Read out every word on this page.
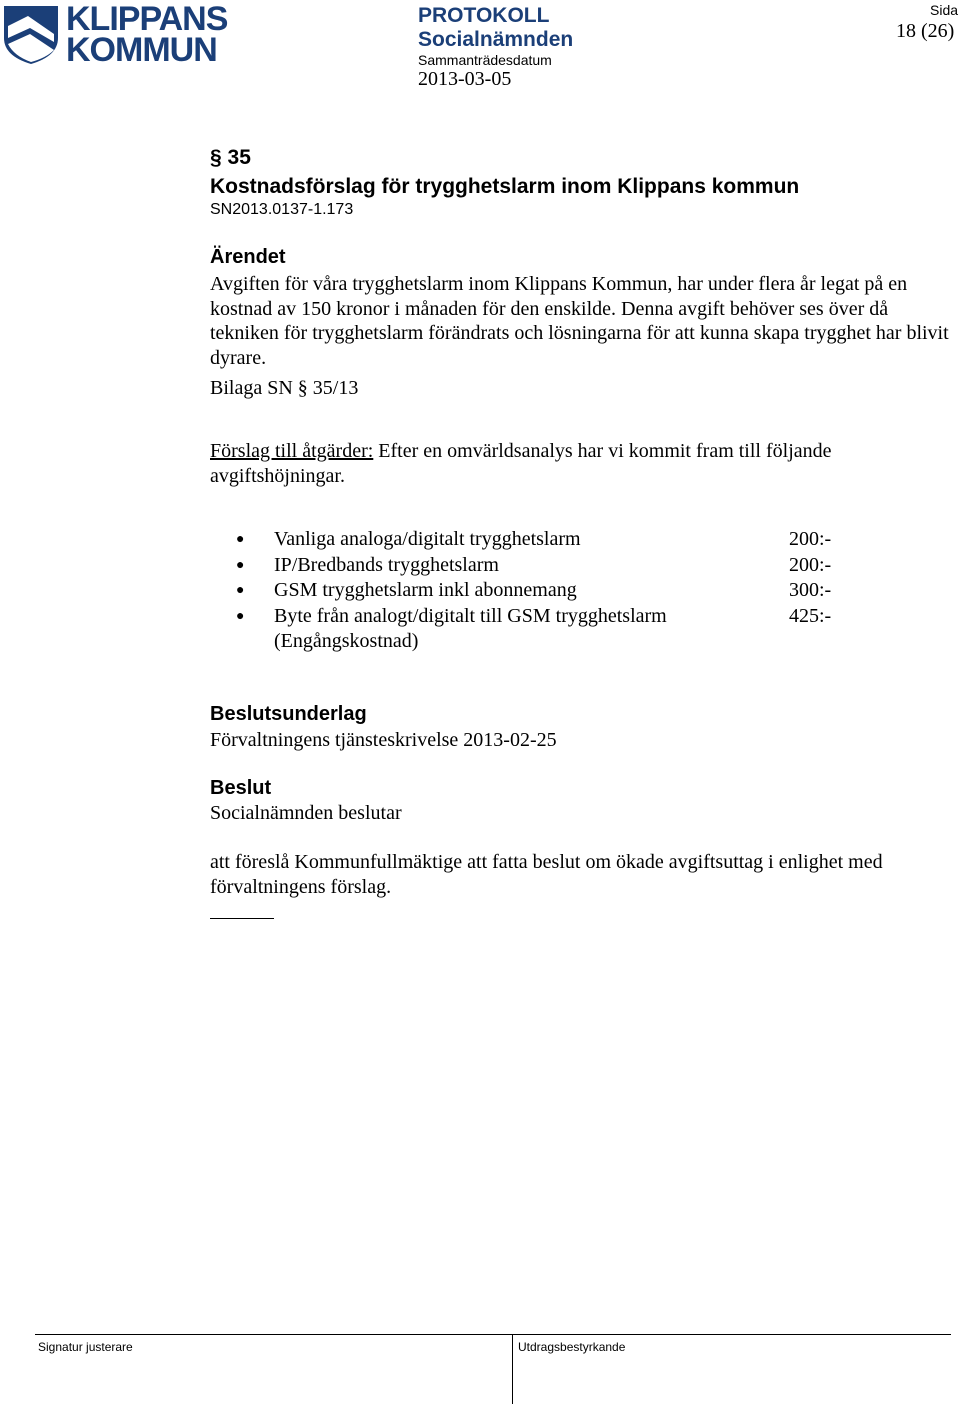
KLIPPANS
KOMMUN
PROTOKOLL
Socialnämnden
Sammanträdesdatum
2013-03-05
Sida
18 (26)
§ 35
Kostnadsförslag för trygghetslarm inom Klippans kommun
SN2013.0137-1.173
Ärendet
Avgiften för våra trygghetslarm inom Klippans Kommun, har under flera år legat på en kostnad av 150 kronor i månaden för den enskilde. Denna avgift behöver ses över då tekniken för trygghetslarm förändrats och lösningarna för att kunna skapa trygghet har blivit dyrare.
Bilaga SN § 35/13
Förslag till åtgärder: Efter en omvärldsanalys har vi kommit fram till följande avgiftshöjningar.
●	Vanliga analoga/digitalt trygghetslarm	200:-
●	IP/Bredbands trygghetslarm	200:-
●	GSM trygghetslarm inkl abonnemang	300:-
●	Byte från analogt/digitalt till GSM trygghetslarm	425:-
(Engångskostnad)
Beslutsunderlag
Förvaltningens tjänsteskrivelse 2013-02-25
Beslut
Socialnämnden beslutar
att föreslå Kommunfullmäktige att fatta beslut om ökade avgiftsuttag i enlighet med förvaltningens förslag.
Signatur justerare	Utdragsbestyrkande
